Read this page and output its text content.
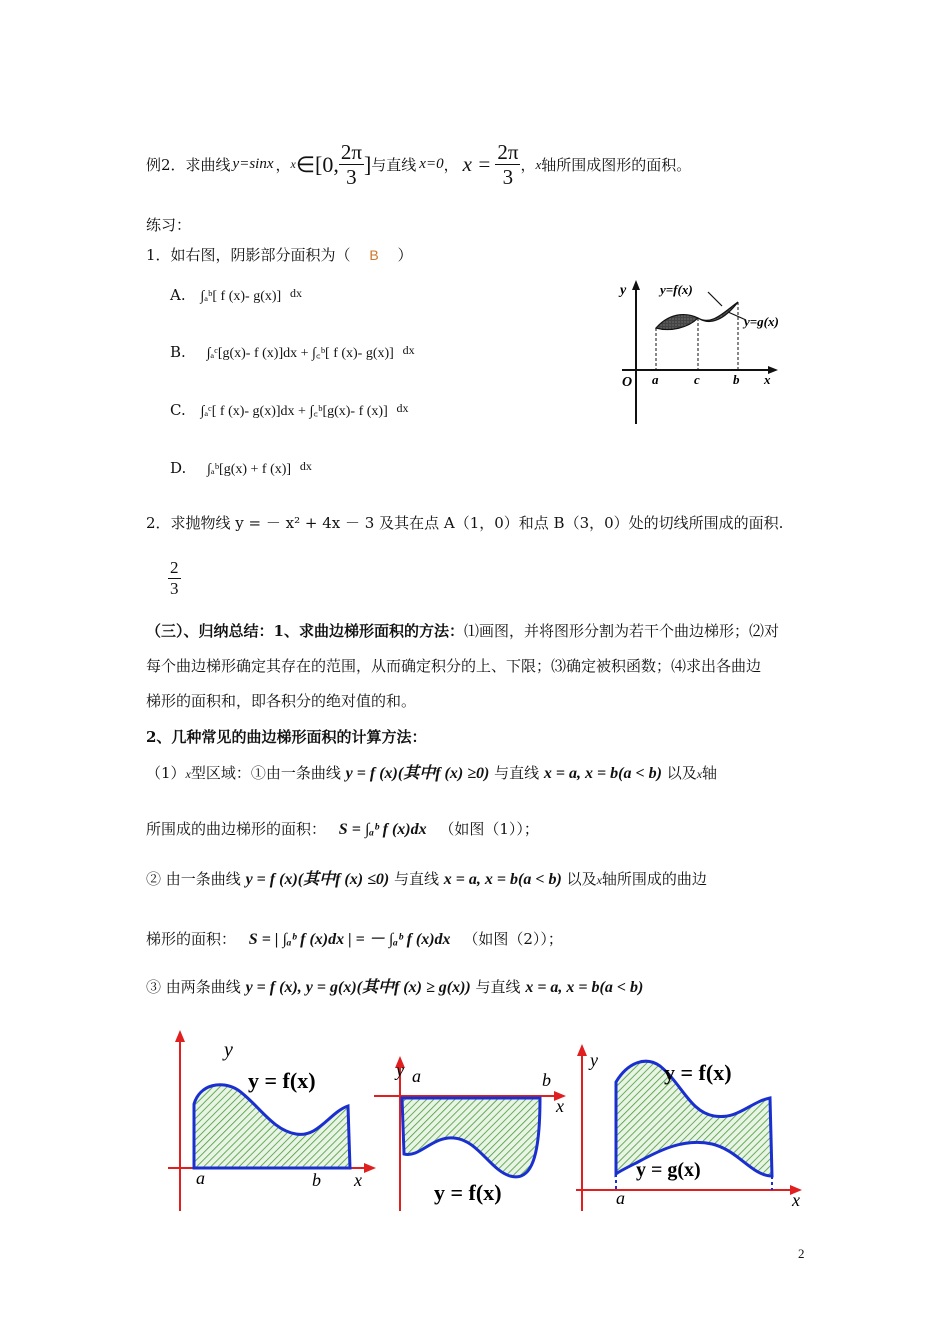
例2．求曲线 y=sinx ， x ∈[0, $\frac{2\pi}{3}$ ] 与直线 x=0 ， $x = \frac{2\pi}{3}$ ， x 轴所围成图形的面积。
练习：
1．如右图，阴影部分面积为（ B ）
A. ∫ₐᵇ[ f (x)- g(x)] $^{dx}$
B. ∫ₐᶜ[g(x)- f (x)]dx + ∫꜀ᵇ[ f (x)- g(x)] $^{dx}$
C. ∫ₐᶜ[ f (x)- g(x)]dx + ∫꜀ᵇ[g(x)- f (x)] $^{dx}$
D. ∫ₐᵇ[g(x) + f (x)] $^{dx}$
y	y=f(x)
y=g(x)
O a	c	b x
2．求抛物线 y = － x² + 4x － 3 及其在点 A（1，0）和点 B（3，0）处的切线所围成的面积.
$\frac{2}{3}$
（三）、归纳总结：1、求曲边梯形面积的方法：⑴画图，并将图形分割为若干个曲边梯形；⑵对
每个曲边梯形确定其存在的范围，从而确定积分的上、下限；⑶确定被积函数；⑷求出各曲边
梯形的面积和，即各积分的绝对值的和。
2、几种常见的曲边梯形面积的计算方法：
（1）x型区域：①由一条曲线 y = f (x)(其中f (x) ≥0) 与直线 x = a, x = b(a < b) 以及x轴
所围成的曲边梯形的面积： S = ∫ₐᵇ f (x)dx （如图（1））；
② 由一条曲线 y = f (x)(其中f (x) ≤0) 与直线 x = a, x = b(a < b) 以及x轴所围成的曲边
梯形的面积： S = | ∫ₐᵇ f (x)dx | = － ∫ₐᵇ f (x)dx （如图（2））；
③ 由两条曲线 y = f (x), y = g(x)(其中f (x) ≥ g(x)) 与直线 x = a, x = b(a < b)
y
y = f(x)
a	b x
y a	b
x
y = f(x)
y	y = f(x)
y = g(x)
a	x
2
